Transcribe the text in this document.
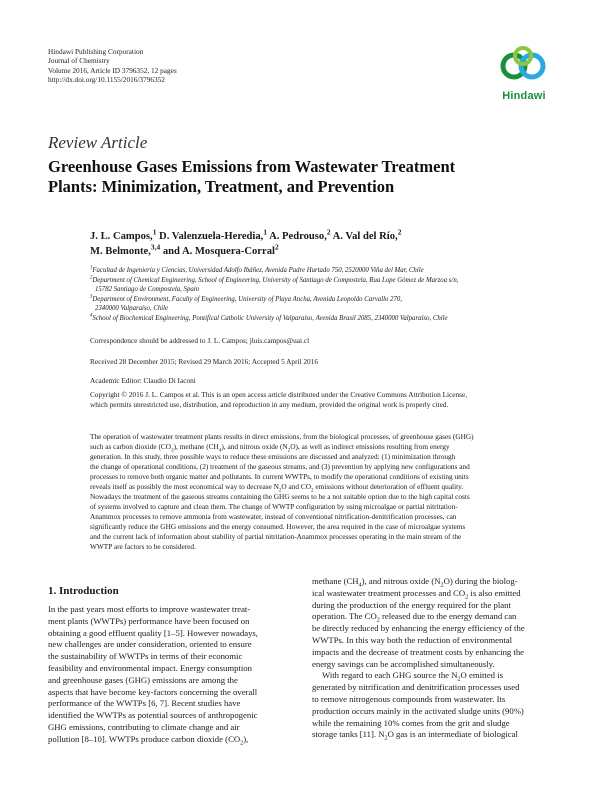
Hindawi Publishing Corporation
Journal of Chemistry
Volume 2016, Article ID 3796352, 12 pages
http://dx.doi.org/10.1155/2016/3796352
Hindawi
Review Article
Greenhouse Gases Emissions from Wastewater Treatment
Plants: Minimization, Treatment, and Prevention
J. L. Campos,$^1$ D. Valenzuela-Heredia,$^1$ A. Pedrouso,$^2$ A. Val del Río,$^2$
M. Belmonte,$^{3,4}$ and A. Mosquera-Corral$^2$
$^1$Facultad de Ingeniería y Ciencias, Universidad Adolfo Ibáñez, Avenida Padre Hurtado 750, 2520000 Viña del Mar, Chile
$^2$Department of Chemical Engineering, School of Engineering, University of Santiago de Compostela, Rua Lope Gómez de Marzoa s/n,
15782 Santiago de Compostela, Spain
$^3$Department of Environment, Faculty of Engineering, University of Playa Ancha, Avenida Leopoldo Carvallo 270,
2340000 Valparaíso, Chile
$^4$School of Biochemical Engineering, Pontifical Catholic University of Valparaíso, Avenida Brasil 2085, 2340000 Valparaíso, Chile
Correspondence should be addressed to J. L. Campos; jluis.campos@uai.cl
Received 28 December 2015; Revised 29 March 2016; Accepted 5 April 2016
Academic Editor: Claudio Di Iaconi
Copyright © 2016 J. L. Campos et al. This is an open access article distributed under the Creative Commons Attribution License,
which permits unrestricted use, distribution, and reproduction in any medium, provided the original work is properly cited.
The operation of wastewater treatment plants results in direct emissions, from the biological processes, of greenhouse gases (GHG)
such as carbon dioxide $(CO_2)$, methane $(CH_4)$, and nitrous oxide $(N_2O)$, as well as indirect emissions resulting from energy
generation. In this study, three possible ways to reduce these emissions are discussed and analyzed: (1) minimization through
the change of operational conditions, (2) treatment of the gaseous streams, and (3) prevention by applying new configurations and
processes to remove both organic matter and pollutants. In current WWTPs, to modify the operational conditions of existing units
reveals itself as possibly the most economical way to decrease $N_2O$ and $CO_2$ emissions without deterioration of effluent quality.
Nowadays the treatment of the gaseous streams containing the GHG seems to be a not suitable option due to the high capital costs
of systems involved to capture and clean them. The change of WWTP configuration by using microalgae or partial nitritation-
Anammox processes to remove ammonia from wastewater, instead of conventional nitrification-denitrification processes, can
significantly reduce the GHG emissions and the energy consumed. However, the area required in the case of microalgae systems
and the current lack of information about stability of partial nitritation-Anammox processes operating in the main stream of the
WWTP are factors to be considered.
1. Introduction
In the past years most efforts to improve wastewater treat-
ment plants (WWTPs) performance have been focused on
obtaining a good effluent quality [1–5]. However nowadays,
new challenges are under consideration, oriented to ensure
the sustainability of WWTPs in terms of their economic
feasibility and environmental impact. Energy consumption
and greenhouse gases (GHG) emissions are among the
aspects that have become key-factors concerning the overall
performance of the WWTPs [6, 7]. Recent studies have
identified the WWTPs as potential sources of anthropogenic
GHG emissions, contributing to climate change and air
pollution [8–10]. WWTPs produce carbon dioxide $(CO_2)$,
methane $(CH_4)$, and nitrous oxide $(N_2O)$ during the biolog-
ical wastewater treatment processes and $CO_2$ is also emitted
during the production of the energy required for the plant
operation. The $CO_2$ released due to the energy demand can
be directly reduced by enhancing the energy efficiency of the
WWTPs. In this way both the reduction of environmental
impacts and the decrease of treatment costs by enhancing the
energy savings can be accomplished simultaneously.
With regard to each GHG source the $N_2O$ emitted is
generated by nitrification and denitrification processes used
to remove nitrogenous compounds from wastewater. Its
production occurs mainly in the activated sludge units (90%)
while the remaining 10% comes from the grit and sludge
storage tanks [11]. $N_2O$ gas is an intermediate of biological
